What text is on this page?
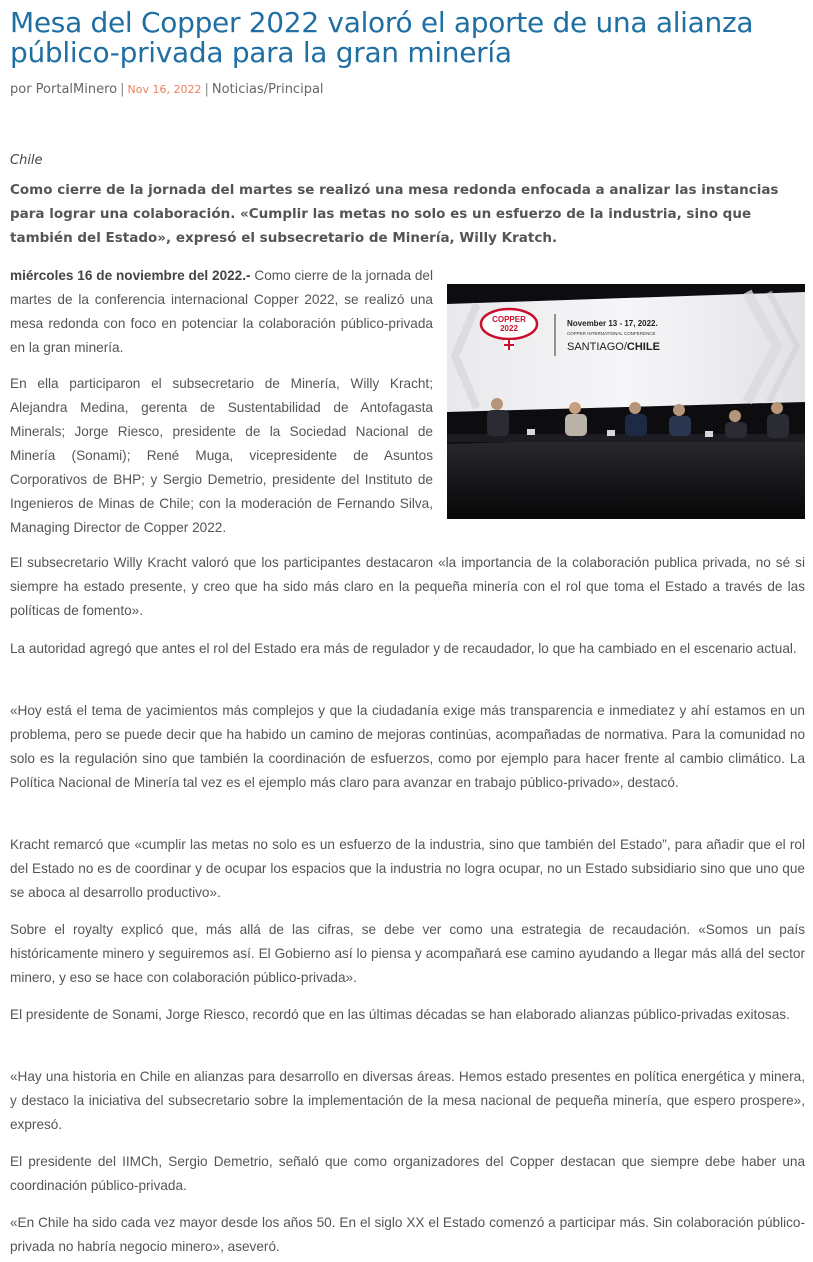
Mesa del Copper 2022 valoró el aporte de una alianza público-privada para la gran minería
por PortalMinero | Nov 16, 2022 | Noticias/Principal
Chile

Como cierre de la jornada del martes se realizó una mesa redonda enfocada a analizar las instancias para lograr una colaboración. «Cumplir las metas no solo es un esfuerzo de la industria, sino que también del Estado», expresó el subsecretario de Minería, Willy Kratch.

miércoles 16 de noviembre del 2022.- Como cierre de la jornada del martes de la conferencia internacional Copper 2022, se realizó una mesa redonda con foco en potenciar la colaboración público-privada en la gran minería.

En ella participaron el subsecretario de Minería, Willy Kracht; Alejandra Medina, gerenta de Sustentabilidad de Antofagasta Minerals; Jorge Riesco, presidente de la Sociedad Nacional de Minería (Sonami); René Muga, vicepresidente de Asuntos Corporativos de BHP; y Sergio Demetrio, presidente del Instituto de Ingenieros de Minas de Chile; con la moderación de Fernando Silva, Managing Director de Copper 2022.

COPPER
2022
November 13 - 17, 2022.
COPPER INTERNATIONAL CONFERENCE
SANTIAGO/CHILE

El subsecretario Willy Kracht valoró que los participantes destacaron «la importancia de la colaboración publica privada, no sé si siempre ha estado presente, y creo que ha sido más claro en la pequeña minería con el rol que toma el Estado a través de las políticas de fomento».

La autoridad agregó que antes el rol del Estado era más de regulador y de recaudador, lo que ha cambiado en el escenario actual.

«Hoy está el tema de yacimientos más complejos y que la ciudadanía exige más transparencia e inmediatez y ahí estamos en un problema, pero se puede decir que ha habido un camino de mejoras continúas, acompañadas de normativa. Para la comunidad no solo es la regulación sino que también la coordinación de esfuerzos, como por ejemplo para hacer frente al cambio climático. La Política Nacional de Minería tal vez es el ejemplo más claro para avanzar en trabajo público-privado», destacó.

Kracht remarcó que «cumplir las metas no solo es un esfuerzo de la industria, sino que también del Estado”, para añadir que el rol del Estado no es de coordinar y de ocupar los espacios que la industria no logra ocupar, no un Estado subsidiario sino que uno que se aboca al desarrollo productivo».

Sobre el royalty explicó que, más allá de las cifras, se debe ver como una estrategia de recaudación. «Somos un país históricamente minero y seguiremos así. El Gobierno así lo piensa y acompañará ese camino ayudando a llegar más allá del sector minero, y eso se hace con colaboración público-privada».

El presidente de Sonami, Jorge Riesco, recordó que en las últimas décadas se han elaborado alianzas público-privadas exitosas.

«Hay una historia en Chile en alianzas para desarrollo en diversas áreas. Hemos estado presentes en política energética y minera, y destaco la iniciativa del subsecretario sobre la implementación de la mesa nacional de pequeña minería, que espero prospere», expresó.

El presidente del IIMCh, Sergio Demetrio, señaló que como organizadores del Copper destacan que siempre debe haber una coordinación público-privada.

«En Chile ha sido cada vez mayor desde los años 50. En el siglo XX el Estado comenzó a participar más. Sin colaboración público-privada no habría negocio minero», aseveró.
